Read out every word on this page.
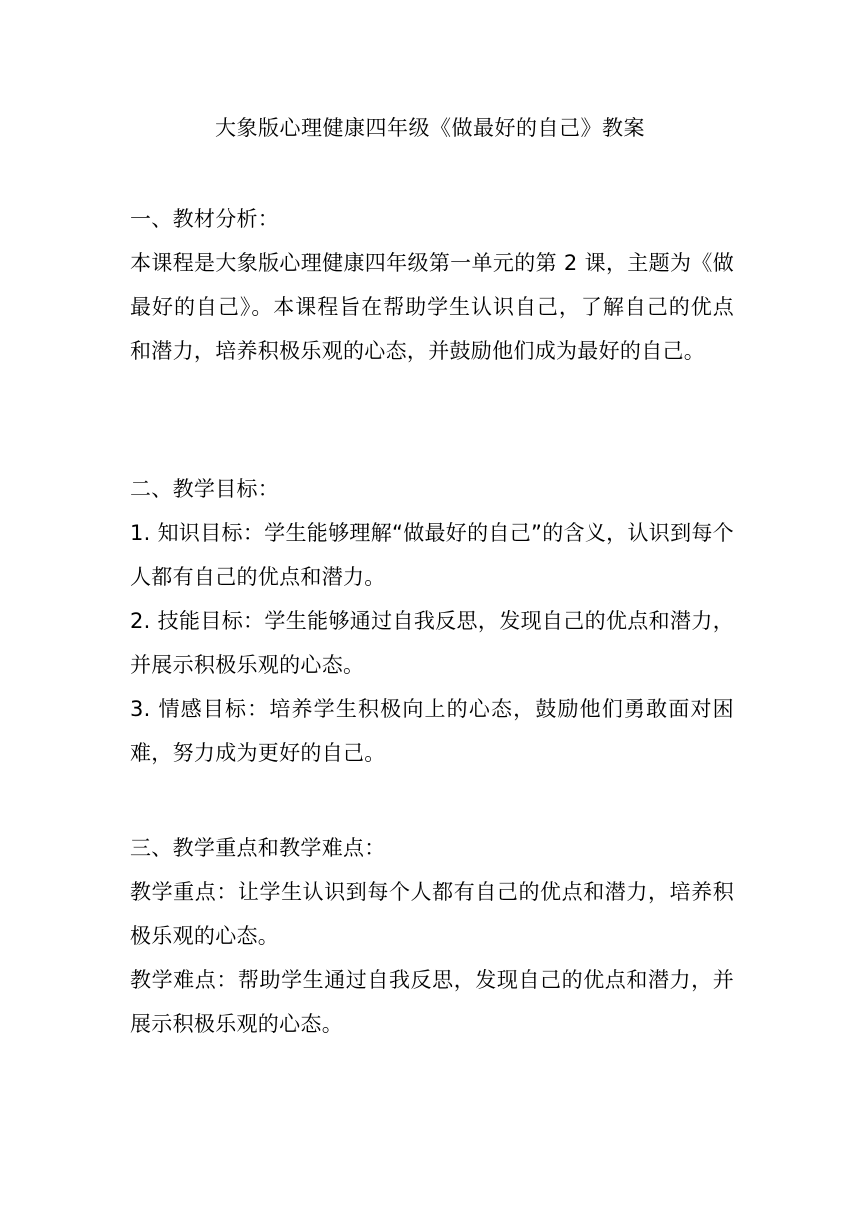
大象版心理健康四年级《做最好的自己》教案
一、教材分析：
本课程是大象版心理健康四年级第一单元的第 2 课，主题为《做最好的自己》。本课程旨在帮助学生认识自己，了解自己的优点和潜力，培养积极乐观的心态，并鼓励他们成为最好的自己。
二、教学目标：
1. 知识目标：学生能够理解“做最好的自己”的含义，认识到每个人都有自己的优点和潜力。
2. 技能目标：学生能够通过自我反思，发现自己的优点和潜力，并展示积极乐观的心态。
3. 情感目标：培养学生积极向上的心态，鼓励他们勇敢面对困难，努力成为更好的自己。
三、教学重点和教学难点：
教学重点：让学生认识到每个人都有自己的优点和潜力，培养积极乐观的心态。
教学难点：帮助学生通过自我反思，发现自己的优点和潜力，并展示积极乐观的心态。
